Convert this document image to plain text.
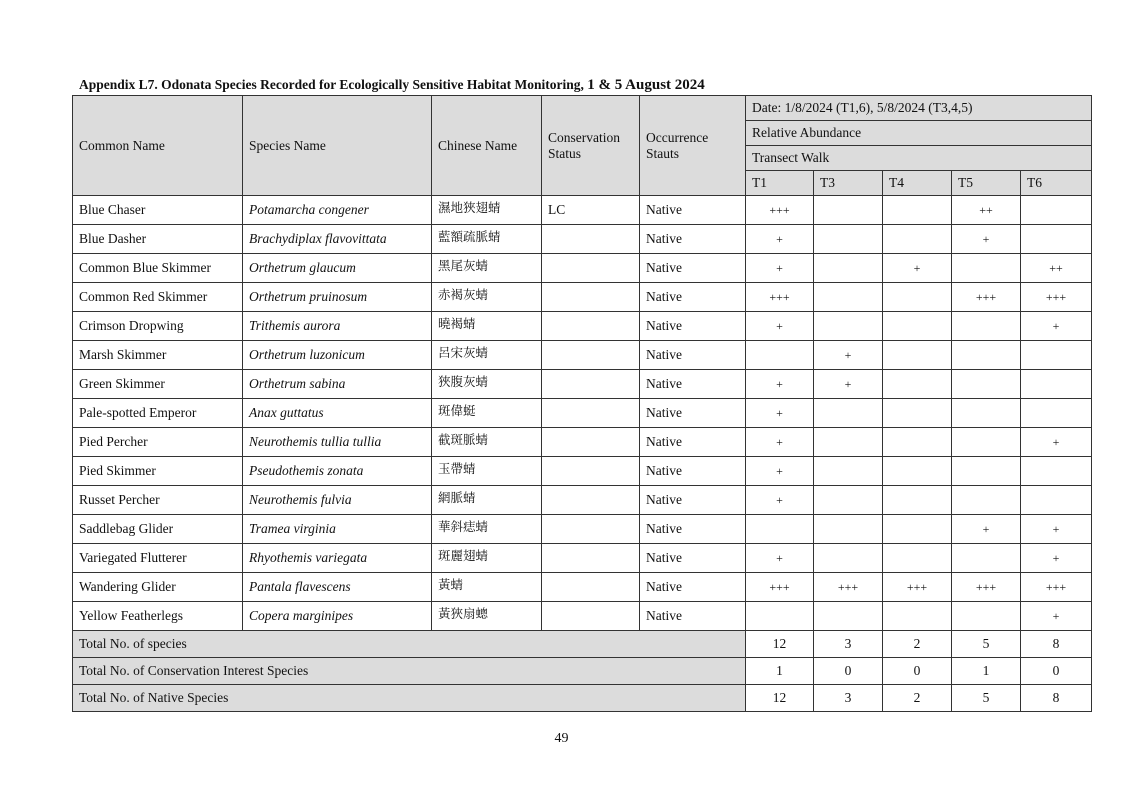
Appendix L7. Odonata Species Recorded for Ecologically Sensitive Habitat Monitoring, 1 & 5 August 2024
Common Name	Species Name	Chinese Name	Conservation Status	Occurrence Stauts	Date: 1/8/2024 (T1,6), 5/8/2024 (T3,4,5)				
					Relative Abundance				
					Transect Walk				
					T1	T3	T4	T5	T6
Blue Chaser	Potamarcha congener	濕地狹翅蜻	LC	Native	+++			++	
Blue Dasher	Brachydiplax flavovittata	藍額疏脈蜻		Native	+			+	
Common Blue Skimmer	Orthetrum glaucum	黑尾灰蜻		Native	+		+		++
Common Red Skimmer	Orthetrum pruinosum	赤褐灰蜻		Native	+++			+++	+++
Crimson Dropwing	Trithemis aurora	曉褐蜻		Native	+				+
Marsh Skimmer	Orthetrum luzonicum	呂宋灰蜻		Native		+			
Green Skimmer	Orthetrum sabina	狹腹灰蜻		Native	+	+			
Pale-spotted Emperor	Anax guttatus	斑偉蜓		Native	+				
Pied Percher	Neurothemis tullia tullia	截斑脈蜻		Native	+				+
Pied Skimmer	Pseudothemis zonata	玉帶蜻		Native	+				
Russet Percher	Neurothemis fulvia	網脈蜻		Native	+				
Saddlebag Glider	Tramea virginia	華斜痣蜻		Native				+	+
Variegated Flutterer	Rhyothemis variegata	斑麗翅蜻		Native	+				+
Wandering Glider	Pantala flavescens	黃蜻		Native	+++	+++	+++	+++	+++
Yellow Featherlegs	Copera marginipes	黃狹扇蟌		Native					+
Total No. of species					12	3	2	5	8
Total No. of Conservation Interest Species					1	0	0	1	0
Total No. of Native Species					12	3	2	5	8
49
